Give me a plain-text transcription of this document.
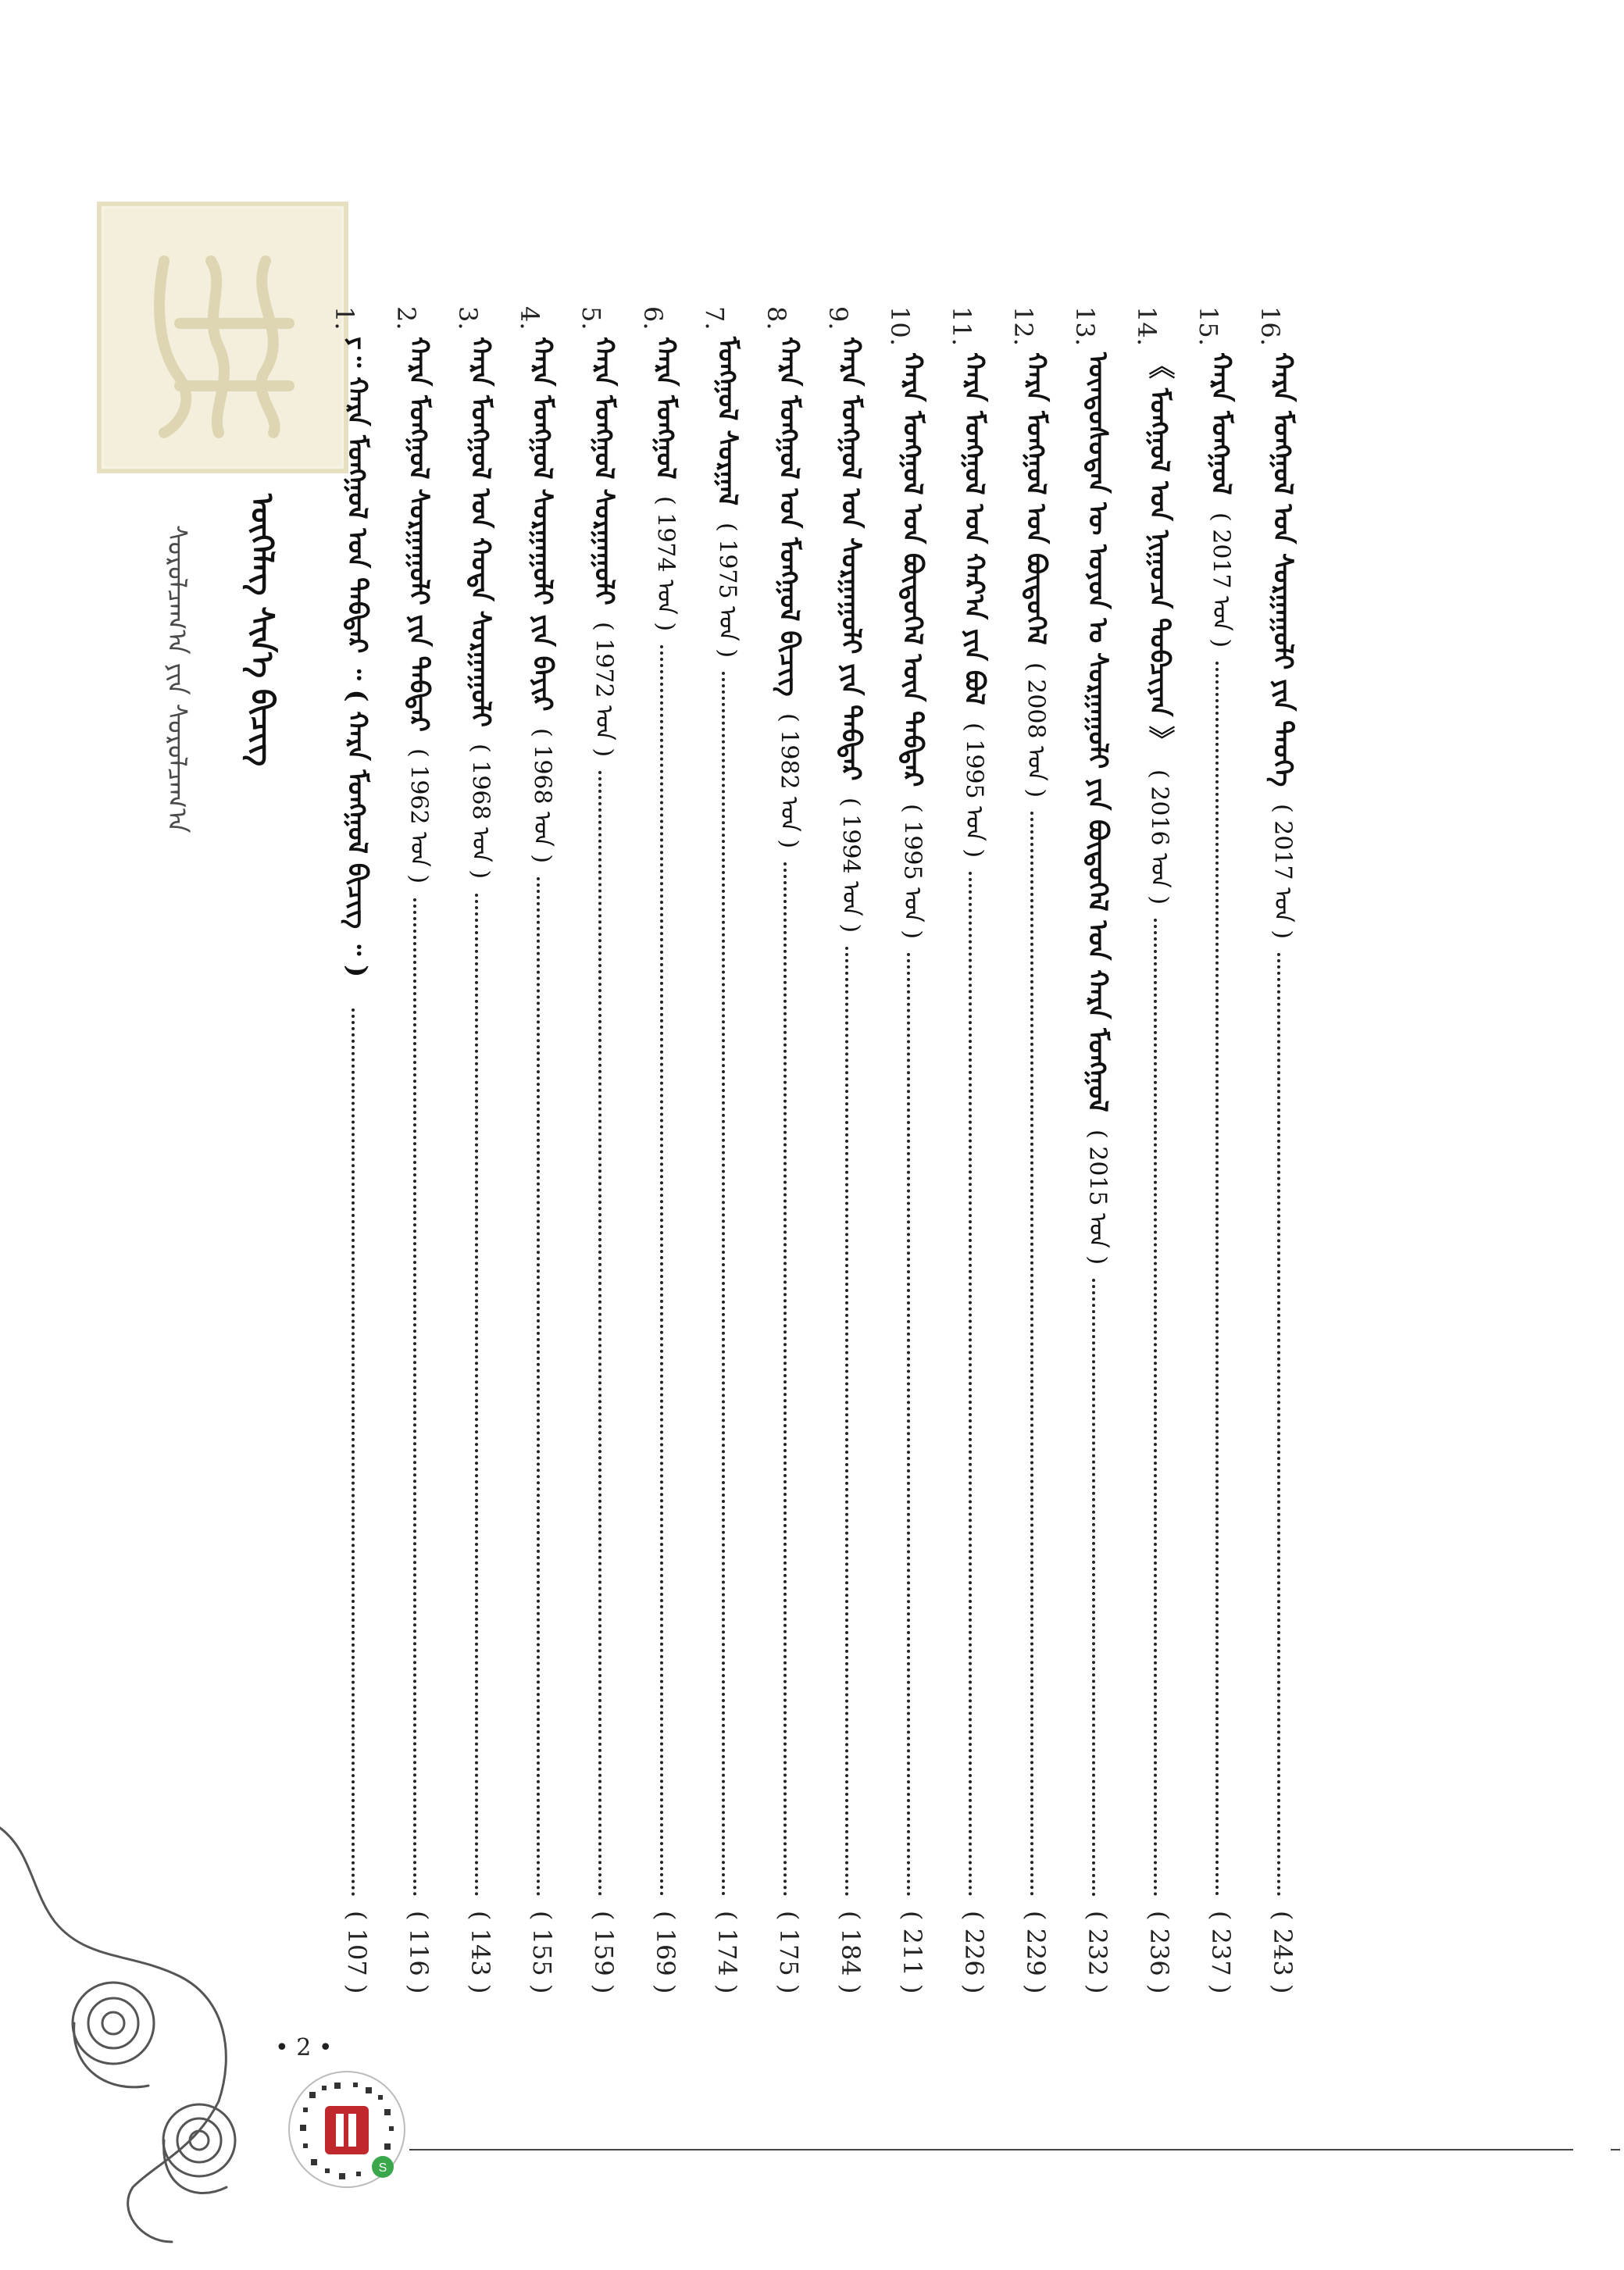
ᠦᠭᠡᠯᠡᠭ ᠰᠢᠨ᠎ᠡ ᠪᠢᠴᠢᠭ
ᠰᠤᠷᠤᠯᠴᠠᠭ᠎ᠠ ᠶᠢᠨ ᠰᠤᠷᠤᠯᠴᠠᠭ᠎ᠠ
16.
ᠬᠠᠷᠠ ᠮᠣᠩᠭᠣᠯ ᠤᠨ ᠰᠤᠷᠭᠠᠭᠤᠯᠢ ᠶᠢᠨ ᠲᠡᠦᠬᠡ
( 2017 ᠣᠨ )
( 243 )
15.
ᠬᠠᠷᠠ ᠮᠣᠩᠭᠣᠯ
( 2017 ᠣᠨ )
( 237 )
14.
《 ᠮᠣᠩᠭᠣᠯ ᠤᠨ ᠨᠢᠭᠤᠴᠠ ᠲᠣᠪᠴᠢᠶᠠᠨ 》
( 2016 ᠣᠨ )
( 236 )
13.
ᠦᠨᠳᠦᠰᠦᠲᠡᠨ ᠦ ᠣᠶᠤᠨ ᠤ ᠰᠤᠷᠭᠠᠭᠤᠯᠢ ᠶᠢᠨ ᠪᠦᠲᠦᠭᠡᠯ ᠤᠨ ᠬᠠᠷᠠ ᠮᠣᠩᠭᠣᠯ
( 2015 ᠣᠨ )
( 232 )
12.
ᠬᠠᠷᠠ ᠮᠣᠩᠭᠣᠯ ᠤᠨ ᠪᠦᠲᠦᠭᠡᠯ
( 2008 ᠣᠨ )
( 229 )
11.
ᠬᠠᠷᠠ ᠮᠣᠩᠭᠣᠯ ᠤᠨ ᠬᠠᠷ᠎ᠠ ᠶᠢᠨ ᠪᠣᠯ
( 1995 ᠣᠨ )
( 226 )
10.
ᠬᠠᠷᠠ ᠮᠣᠩᠭᠣᠯ ᠤᠨ ᠪᠦᠲᠦᠭᠡᠯ ᠦᠨ ᠳᠡᠪᠲᠡᠷ
( 1995 ᠣᠨ )
( 211 )
9.
ᠬᠠᠷᠠ ᠮᠣᠩᠭᠣᠯ ᠤᠨ ᠰᠤᠷᠭᠠᠭᠤᠯᠢ ᠶᠢᠨ ᠳᠡᠪᠲᠡᠷ
( 1994 ᠣᠨ )
( 184 )
8.
ᠬᠠᠷᠠ ᠮᠣᠩᠭᠣᠯ ᠤᠨ ᠮᠣᠩᠭᠣᠯ ᠪᠢᠴᠢᠭ
( 1982 ᠣᠨ )
( 175 )
7.
ᠮᠣᠩᠭᠣᠯ ᠰᠤᠷᠭᠠᠯ
( 1975 ᠣᠨ )
( 174 )
6.
ᠬᠠᠷᠠ ᠮᠣᠩᠭᠣᠯ
( 1974 ᠣᠨ )
( 169 )
5.
ᠬᠠᠷᠠ ᠮᠣᠩᠭᠣᠯ ᠰᠤᠷᠭᠠᠭᠤᠯᠢ
( 1972 ᠣᠨ )
( 159 )
4.
ᠬᠠᠷᠠ ᠮᠣᠩᠭᠣᠯ ᠰᠤᠷᠭᠠᠭᠤᠯᠢ ᠶᠢᠨ ᠪᠠᠶᠢᠷ
( 1968 ᠣᠨ )
( 155 )
3.
ᠬᠠᠷᠠ ᠮᠣᠩᠭᠣᠯ ᠤᠨ ᠬᠣᠲᠠ ᠰᠤᠷᠭᠠᠭᠤᠯᠢ
( 1968 ᠣᠨ )
( 143 )
2.
ᠬᠠᠷᠠ ᠮᠣᠩᠭᠣᠯ ᠰᠤᠷᠭᠠᠭᠤᠯᠢ ᠶᠢᠨ ᠳᠡᠪᠲᠡᠷ
( 1962 ᠣᠨ )
( 116 )
1.
ᠶ᠃ ᠬᠠᠷᠠ ᠮᠣᠩᠭᠣᠯ ᠤᠨ ᠳᠡᠪᠲᠡᠷ ᠃ ( ᠬᠠᠷᠠ ᠮᠣᠩᠭᠣᠯ ᠪᠢᠴᠢᠭ ᠃ )
( 107 )
• 2 •
S
